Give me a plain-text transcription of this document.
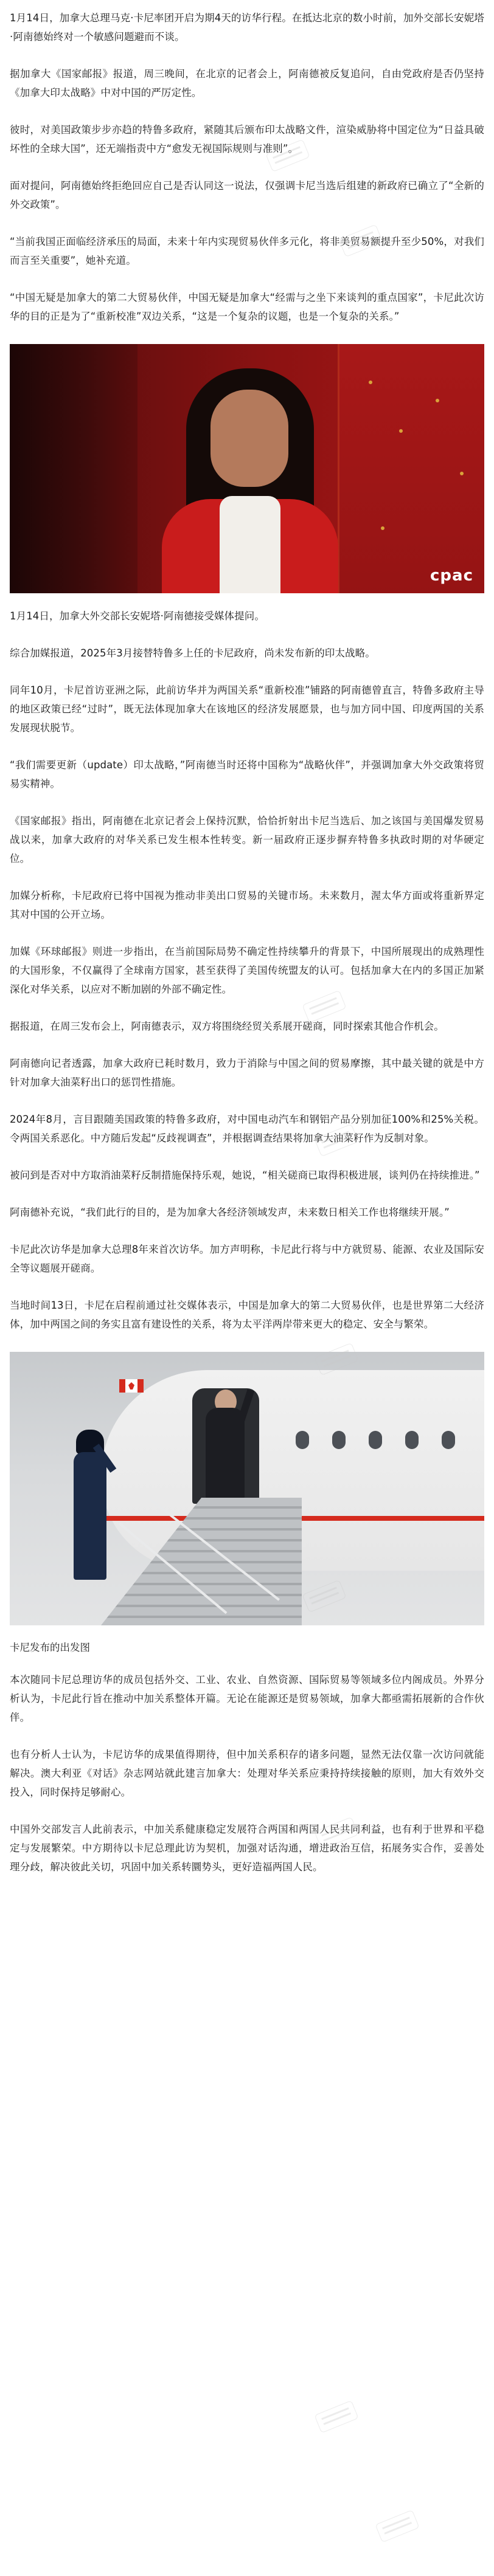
1月14日，加拿大总理马克·卡尼率团开启为期4天的访华行程。在抵达北京的数小时前，加外交部长安妮塔·阿南德始终对一个敏感问题避而不谈。

据加拿大《国家邮报》报道，周三晚间，在北京的记者会上，阿南德被反复追问，自由党政府是否仍坚持《加拿大印太战略》中对中国的严厉定性。

彼时，对美国政策步步亦趋的特鲁多政府，紧随其后颁布印太战略文件，渲染威胁将中国定位为“日益具破坏性的全球大国”，还无端指责中方“愈发无视国际规则与准则”。

面对提问，阿南德始终拒绝回应自己是否认同这一说法，仅强调卡尼当选后组建的新政府已确立了“全新的外交政策”。

“当前我国正面临经济承压的局面，未来十年内实现贸易伙伴多元化，将非美贸易额提升至少50%，对我们而言至关重要”，她补充道。

“中国无疑是加拿大的第二大贸易伙伴，中国无疑是加拿大“经需与之坐下来谈判的重点国家”，卡尼此次访华的目的正是为了“重新校准”双边关系，“这是一个复杂的议题，也是一个复杂的关系。”

cpac

1月14日，加拿大外交部长安妮塔·阿南德接受媒体提问。

综合加媒报道，2025年3月接替特鲁多上任的卡尼政府，尚未发布新的印太战略。

同年10月，卡尼首访亚洲之际，此前访华并为两国关系“重新校准”铺路的阿南德曾直言，特鲁多政府主导的地区政策已经“过时”，既无法体现加拿大在该地区的经济发展愿景，也与加方同中国、印度两国的关系发展现状脱节。

“我们需要更新（update）印太战略，”阿南德当时还将中国称为“战略伙伴”，并强调加拿大外交政策将贸易实精神。

《国家邮报》指出，阿南德在北京记者会上保持沉默，恰恰折射出卡尼当选后、加之该国与美国爆发贸易战以来，加拿大政府的对华关系已发生根本性转变。新一届政府正逐步摒弃特鲁多执政时期的对华硬定位。

加媒分析称，卡尼政府已将中国视为推动非美出口贸易的关键市场。未来数月，渥太华方面或将重新界定其对中国的公开立场。

加媒《环球邮报》则进一步指出，在当前国际局势不确定性持续攀升的背景下，中国所展现出的成熟理性的大国形象，不仅赢得了全球南方国家，甚至获得了美国传统盟友的认可。包括加拿大在内的多国正加紧深化对华关系，以应对不断加剧的外部不确定性。

据报道，在周三发布会上，阿南德表示，双方将围绕经贸关系展开磋商，同时探索其他合作机会。

阿南德向记者透露，加拿大政府已耗时数月，致力于消除与中国之间的贸易摩擦，其中最关键的就是中方针对加拿大油菜籽出口的惩罚性措施。

2024年8月，言目跟随美国政策的特鲁多政府，对中国电动汽车和钢铝产品分别加征100%和25%关税。令两国关系恶化。中方随后发起“反歧视调查”，并根据调查结果将加拿大油菜籽作为反制对象。

被问到是否对中方取消油菜籽反制措施保持乐观，她说，“相关磋商已取得积极进展，谈判仍在持续推进。”

阿南德补充说，“我们此行的目的，是为加拿大各经济领域发声，未来数日相关工作也将继续开展。”

卡尼此次访华是加拿大总理8年来首次访华。加方声明称，卡尼此行将与中方就贸易、能源、农业及国际安全等议题展开磋商。

当地时间13日，卡尼在启程前通过社交媒体表示，中国是加拿大的第二大贸易伙伴，也是世界第二大经济体，加中两国之间的务实且富有建设性的关系，将为太平洋两岸带来更大的稳定、安全与繁荣。

卡尼发布的出发图

本次随同卡尼总理访华的成员包括外交、工业、农业、自然资源、国际贸易等领域多位内阁成员。外界分析认为，卡尼此行旨在推动中加关系整体开篇。无论在能源还是贸易领域，加拿大都亟需拓展新的合作伙伴。

也有分析人士认为，卡尼访华的成果值得期待，但中加关系积存的诸多问题，显然无法仅靠一次访问就能解决。澳大利亚《对话》杂志网站就此建言加拿大：处理对华关系应秉持持续接触的原则，加大有效外交投入，同时保持足够耐心。

中国外交部发言人此前表示，中加关系健康稳定发展符合两国和两国人民共同利益，也有利于世界和平稳定与发展繁荣。中方期待以卡尼总理此访为契机，加强对话沟通，增进政治互信，拓展务实合作，妥善处理分歧，解决彼此关切，巩固中加关系转圜势头，更好造福两国人民。
